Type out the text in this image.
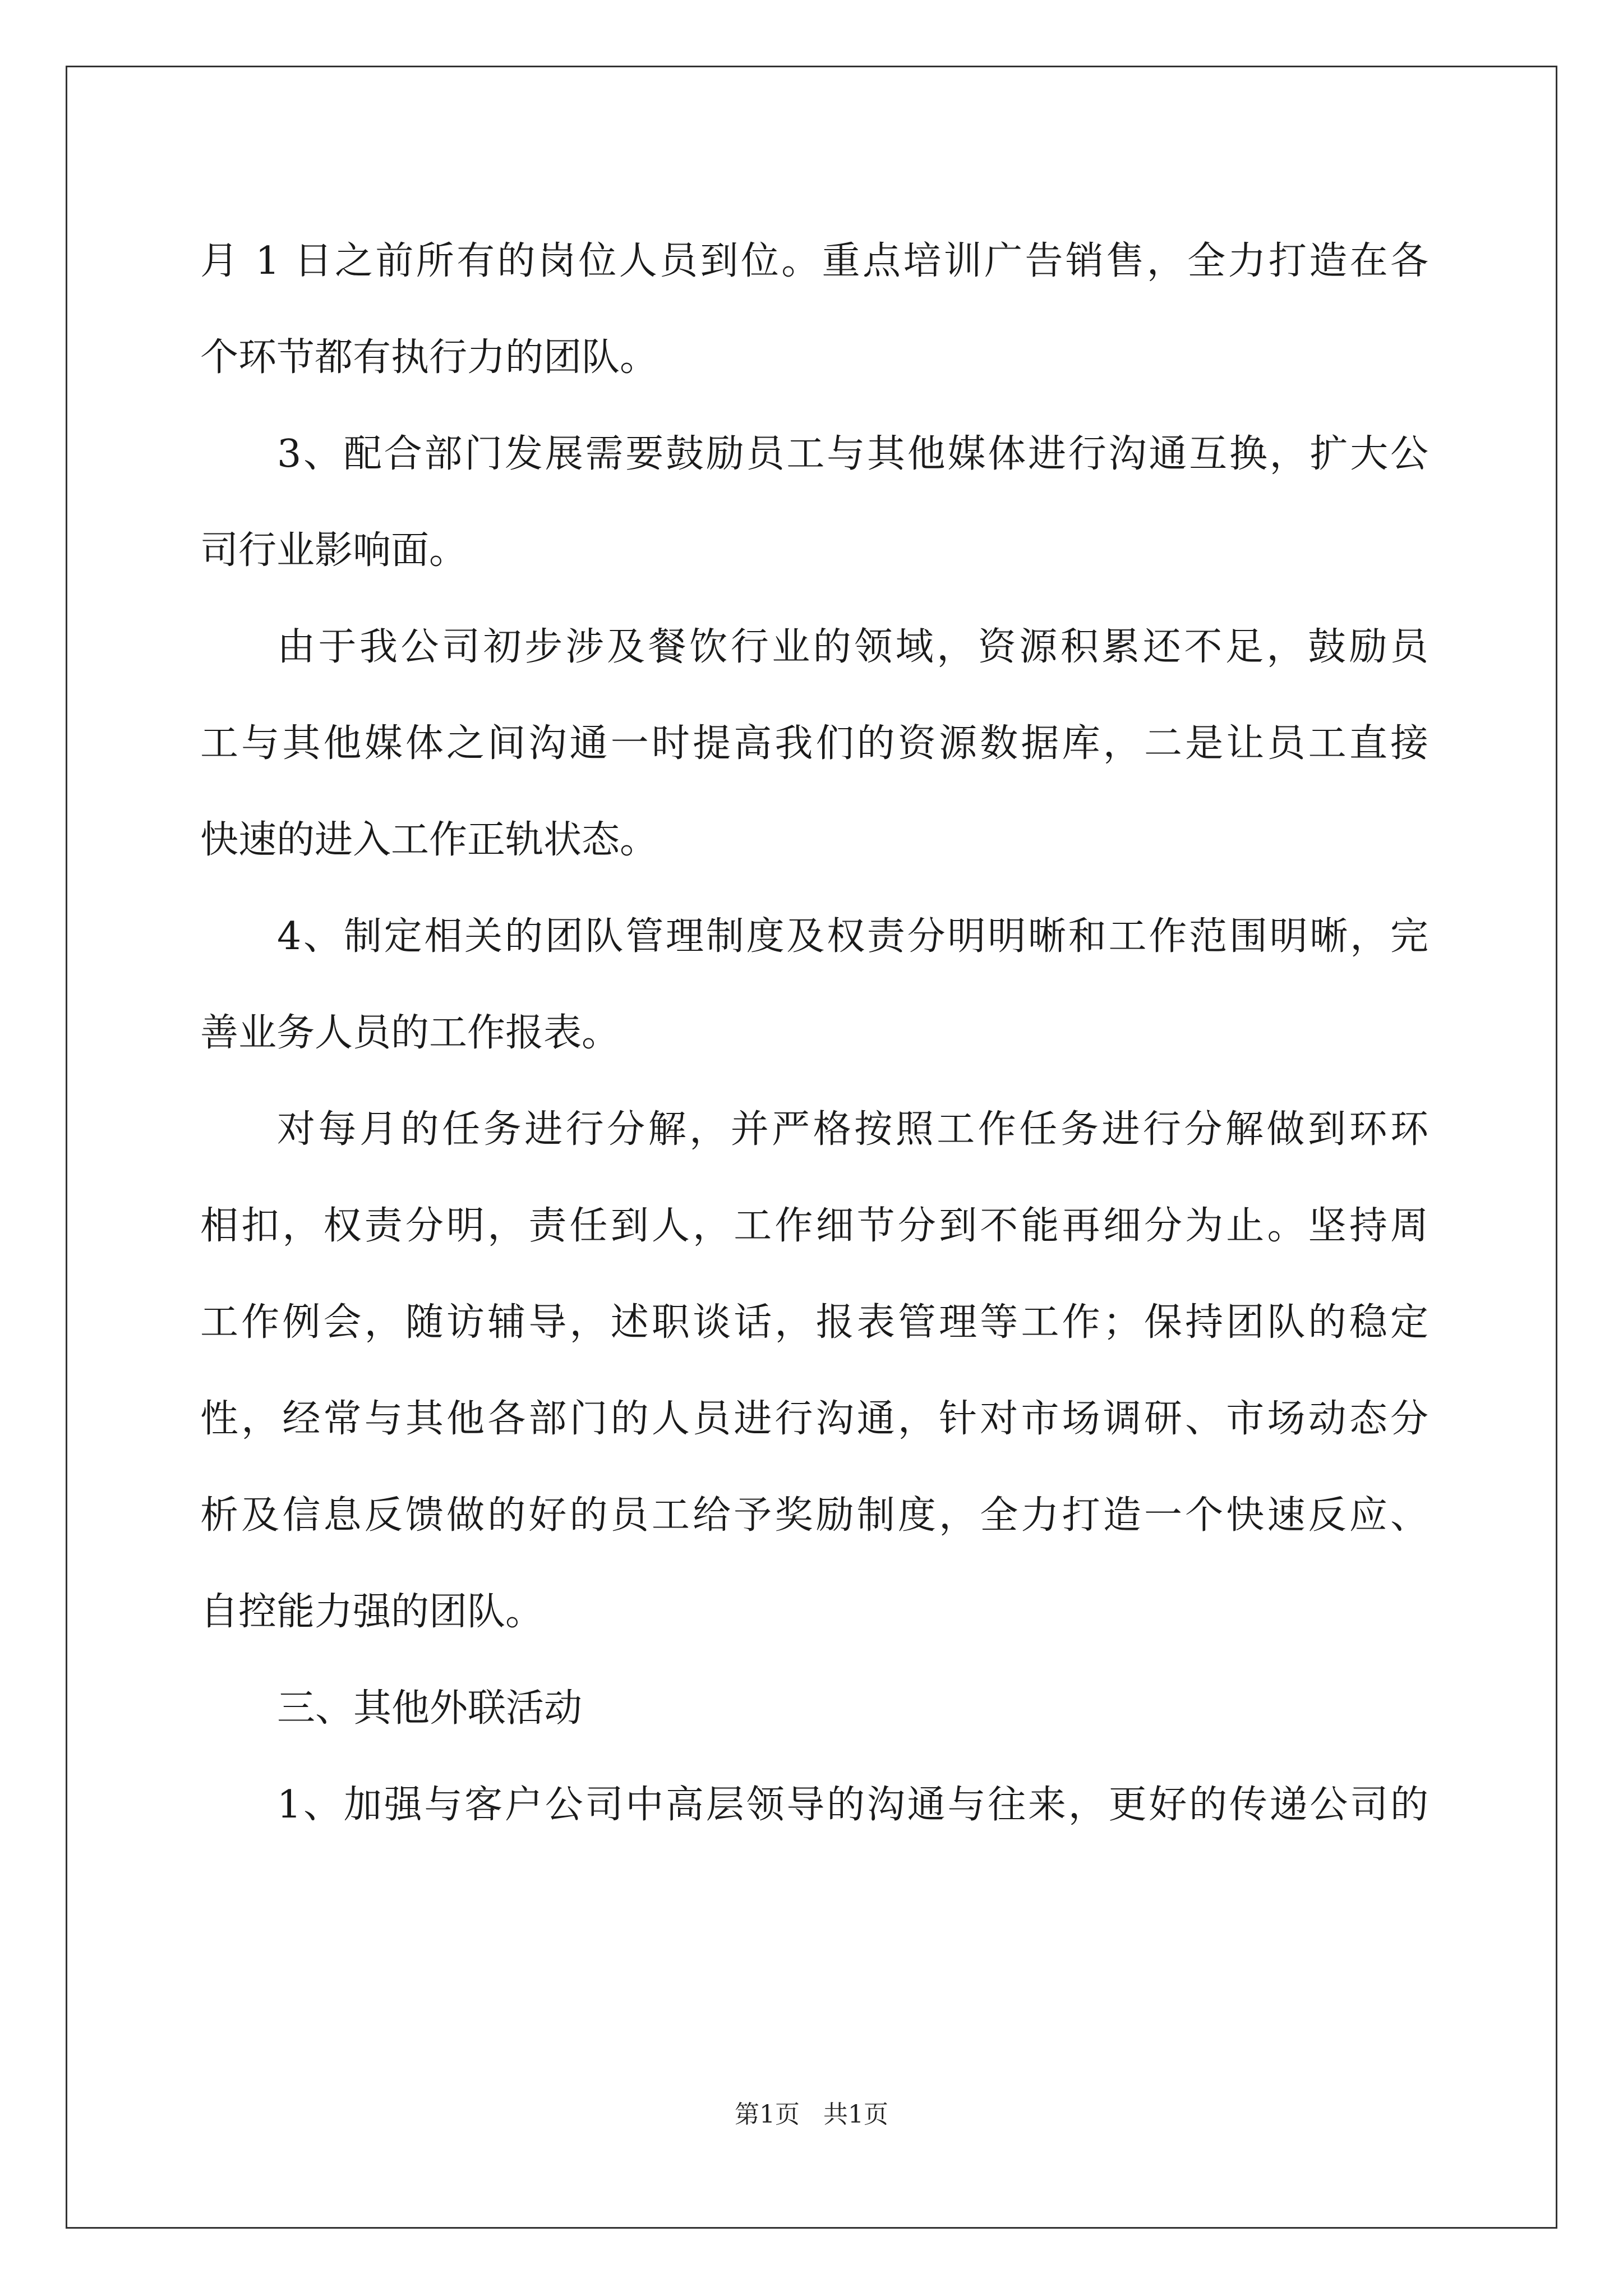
月 1 日之前所有的岗位人员到位。重点培训广告销售，全力打造在各
个环节都有执行力的团队。
3、配合部门发展需要鼓励员工与其他媒体进行沟通互换，扩大公
司行业影响面。
由于我公司初步涉及餐饮行业的领域，资源积累还不足，鼓励员
工与其他媒体之间沟通一时提高我们的资源数据库，二是让员工直接
快速的进入工作正轨状态。
4、制定相关的团队管理制度及权责分明明晰和工作范围明晰，完
善业务人员的工作报表。
对每月的任务进行分解，并严格按照工作任务进行分解做到环环
相扣，权责分明，责任到人，工作细节分到不能再细分为止。坚持周
工作例会，随访辅导，述职谈话，报表管理等工作；保持团队的稳定
性，经常与其他各部门的人员进行沟通，针对市场调研、市场动态分
析及信息反馈做的好的员工给予奖励制度，全力打造一个快速反应、
自控能力强的团队。
三、其他外联活动
1、加强与客户公司中高层领导的沟通与往来，更好的传递公司的
第1页   共1页
